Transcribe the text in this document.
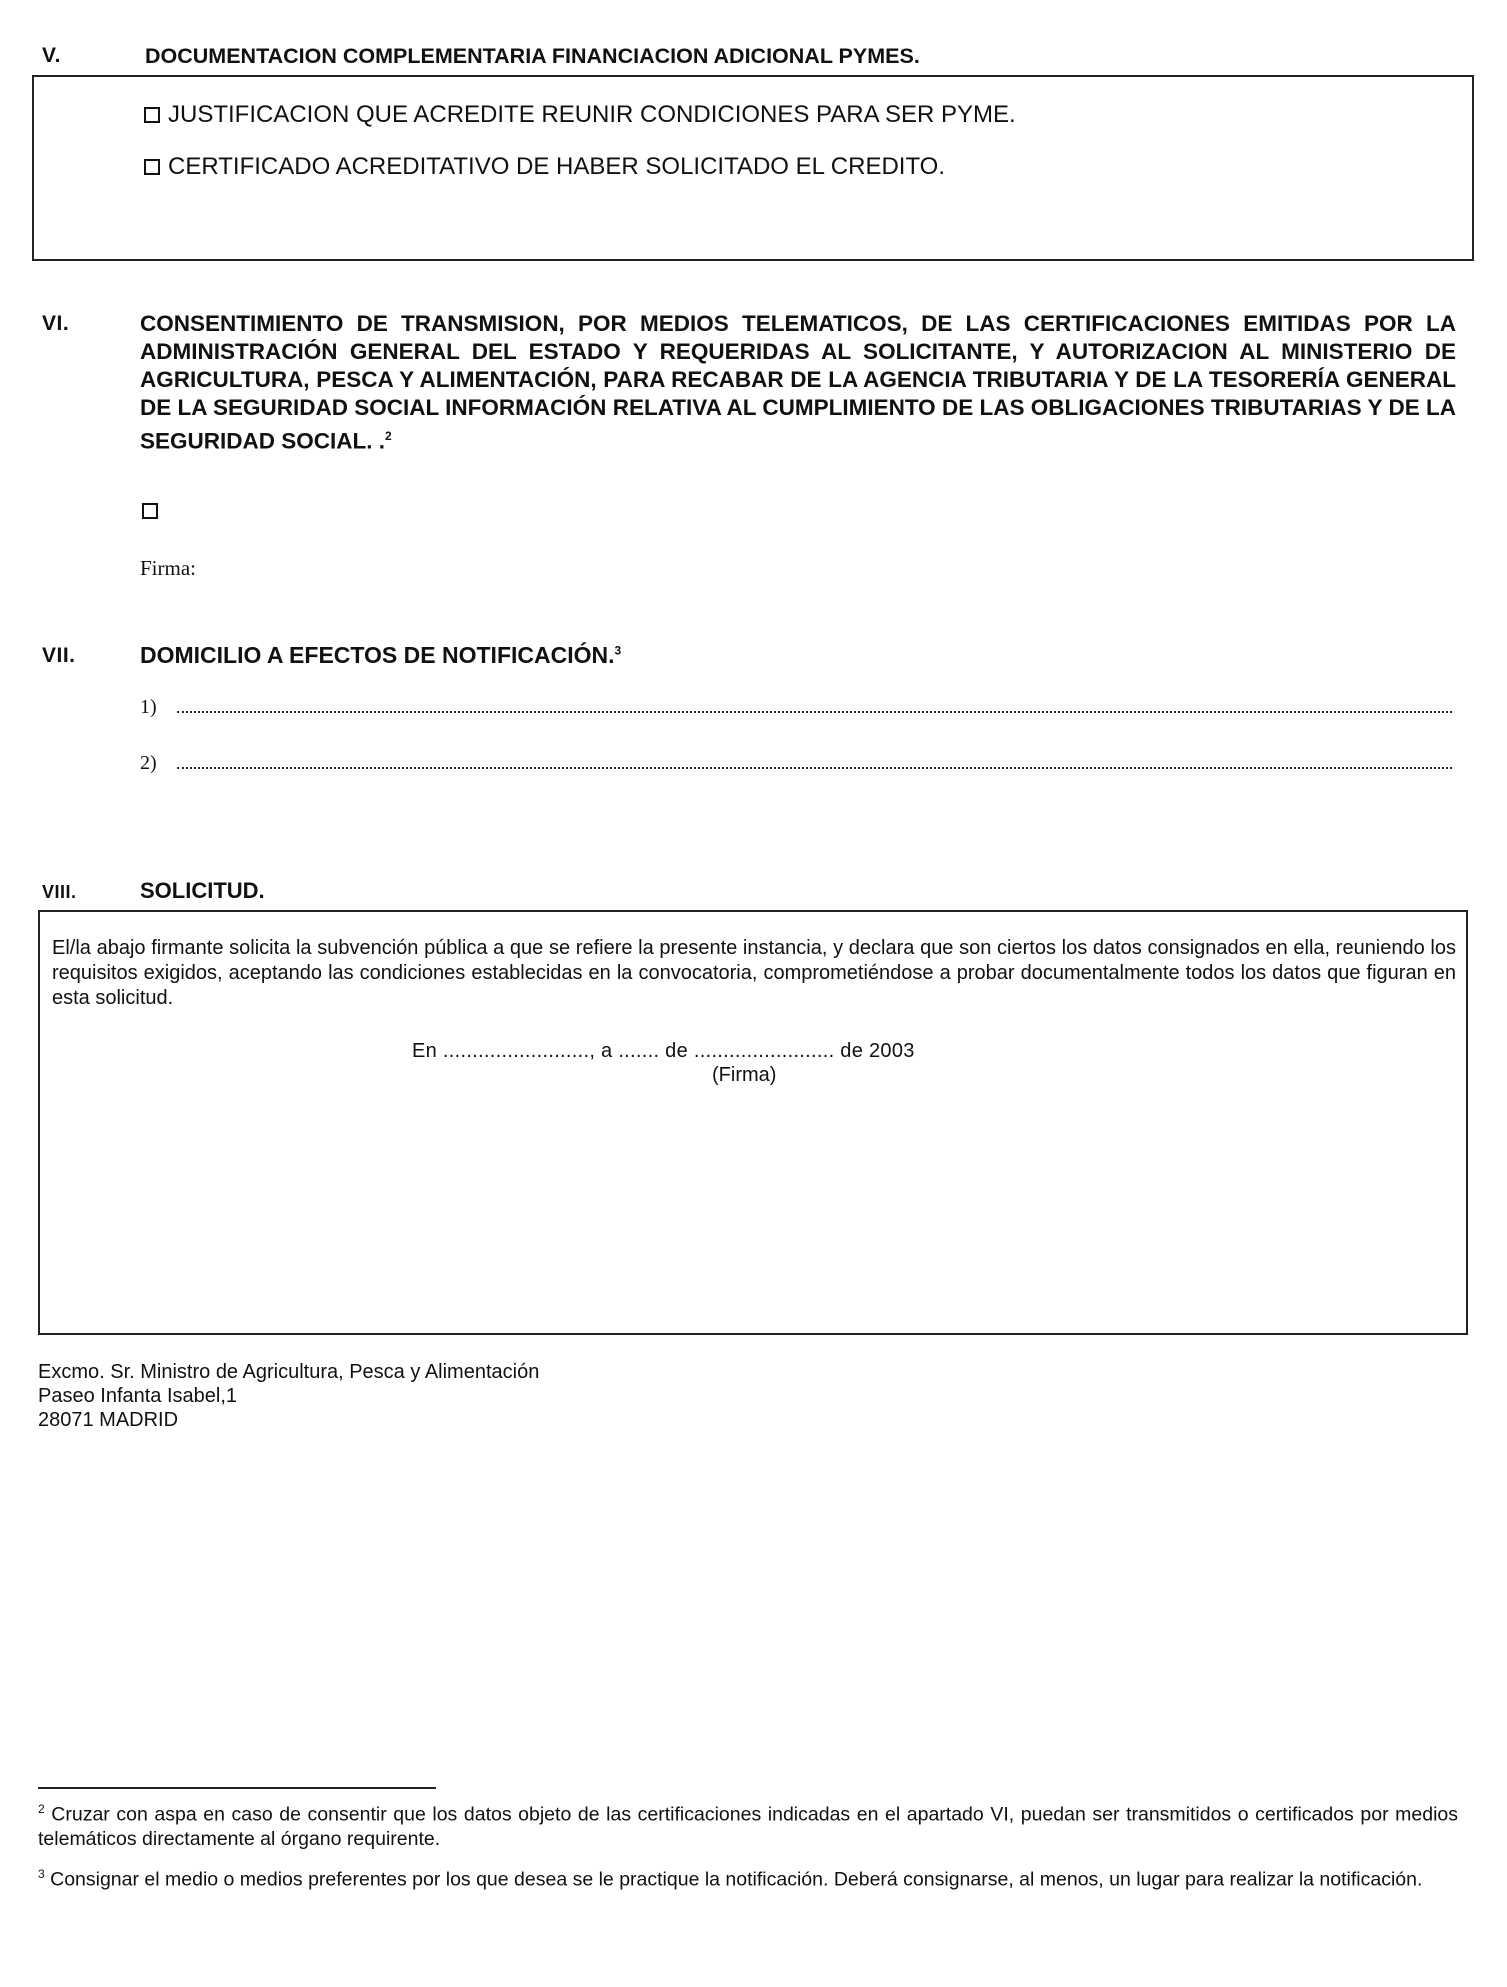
V.	DOCUMENTACION COMPLEMENTARIA FINANCIACION ADICIONAL PYMES.
JUSTIFICACION QUE ACREDITE REUNIR CONDICIONES PARA SER PYME.
CERTIFICADO ACREDITATIVO DE HABER SOLICITADO EL CREDITO.
VI.	CONSENTIMIENTO DE TRANSMISION, POR MEDIOS TELEMATICOS, DE LAS CERTIFICACIONES EMITIDAS POR LA ADMINISTRACIÓN GENERAL DEL ESTADO Y REQUERIDAS AL SOLICITANTE, Y AUTORIZACION AL MINISTERIO DE AGRICULTURA, PESCA Y ALIMENTACIÓN, PARA RECABAR DE LA AGENCIA TRIBUTARIA Y DE LA TESORERÍA GENERAL DE LA SEGURIDAD SOCIAL INFORMACIÓN RELATIVA AL CUMPLIMIENTO DE LAS OBLIGACIONES TRIBUTARIAS Y DE LA SEGURIDAD SOCIAL. .$^2$
Firma:
VII.	DOMICILIO A EFECTOS DE NOTIFICACIÓN.$^3$
1)
2)
VIII.	SOLICITUD.
El/la abajo firmante solicita la subvención pública a que se refiere la presente instancia, y declara que son ciertos los datos consignados en ella, reuniendo los requisitos exigidos, aceptando las condiciones establecidas en la convocatoria, comprometiéndose a probar documentalmente todos los datos que figuran en esta solicitud.
En ........................., a ....... de ........................ de 2003
(Firma)
Excmo. Sr. Ministro de Agricultura, Pesca y Alimentación
Paseo Infanta Isabel,1
28071 MADRID
$^2$ Cruzar con aspa en caso de consentir que los datos objeto de las certificaciones indicadas en el apartado VI, puedan ser transmitidos o certificados por medios telemáticos directamente al órgano requirente.
$^3$ Consignar el medio o medios preferentes por los que desea se le practique la notificación. Deberá consignarse, al menos, un lugar para realizar la notificación.
